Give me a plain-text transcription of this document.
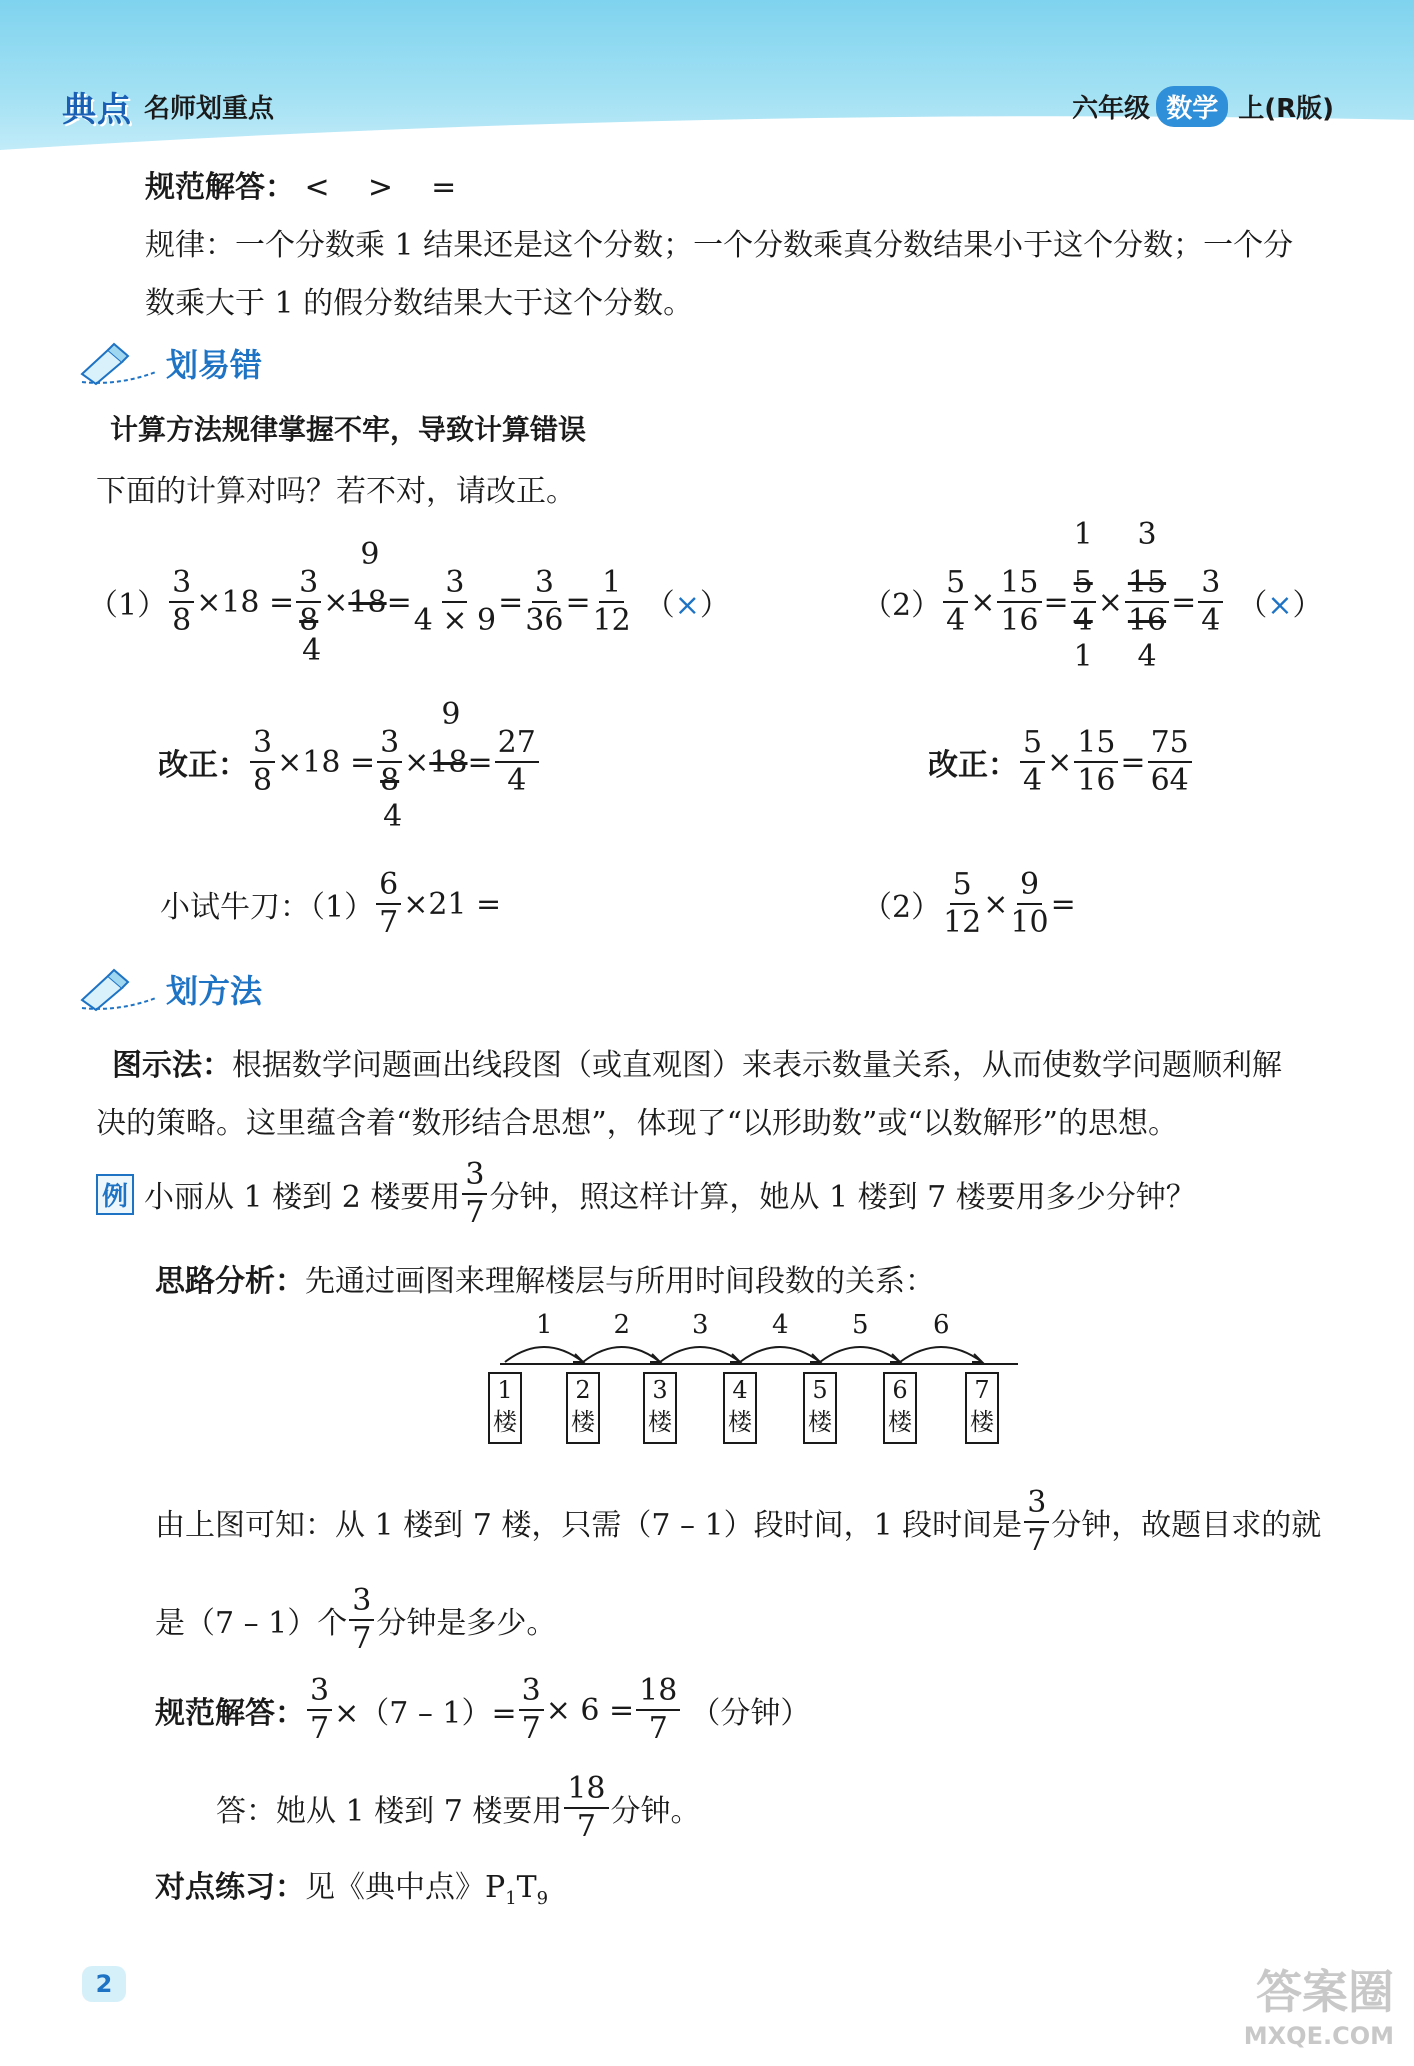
典点 名师划重点	六年级 数学 上(R版)
规范解答： <    >    =
规律：一个分数乘 1 结果还是这个分数；一个分数乘真分数结果小于这个分数；一个分
数乘大于 1 的假分数结果大于这个分数。
划易错
计算方法规律掌握不牢，导致计算错误
下面的计算对吗？若不对，请改正。
$(1) \frac{3}{8} \times 18$ =
3
8
4
× 18
9
= $\frac{3}{4 \times 9} = \frac{3}{36} = \frac{1}{12}$ （×）	$(2) \frac{5}{4} \times \frac{15}{16}$ =
1
5
4
1
×
3
15
16
4
= $\frac{3}{4}$ （×）
改正： $\frac{3}{8} \times 18$ =
3
8
4
× 18
9
= $\frac{27}{4}$	改正： $\frac{5}{4} \times \frac{15}{16} = \frac{75}{64}$
小试牛刀：$(1) \frac{6}{7} \times 21$ =	$(2) \frac{5}{12} \times \frac{9}{10}$ =
划方法
图示法：根据数学问题画出线段图（或直观图）来表示数量关系，从而使数学问题顺利解
决的策略。这里蕴含着“数形结合思想”，体现了“以形助数”或“以数解形”的思想。
例 小丽从 1 楼到 2 楼要用 $\frac{3}{7}$ 分钟，照这样计算，她从 1 楼到 7 楼要用多少分钟？
思路分析：先通过画图来理解楼层与所用时间段数的关系：
1 2 3 4 5 6
1
楼
2
楼
3
楼
4
楼
5
楼
6
楼
7
楼
由上图可知：从 1 楼到 7 楼，只需（7 – 1）段时间，1 段时间是 $\frac{3}{7}$ 分钟，故题目求的就
是（7 – 1）个 $\frac{3}{7}$ 分钟是多少。
规范解答： $\frac{3}{7} \times(7 - 1)= \frac{3}{7} \times 6 = \frac{18}{7}$ （分钟）
答：她从 1 楼到 7 楼要用 $\frac{18}{7}$ 分钟。
对点练习：见《典中点》$P_1T_9$
2	答案圈
MXQE.COM
